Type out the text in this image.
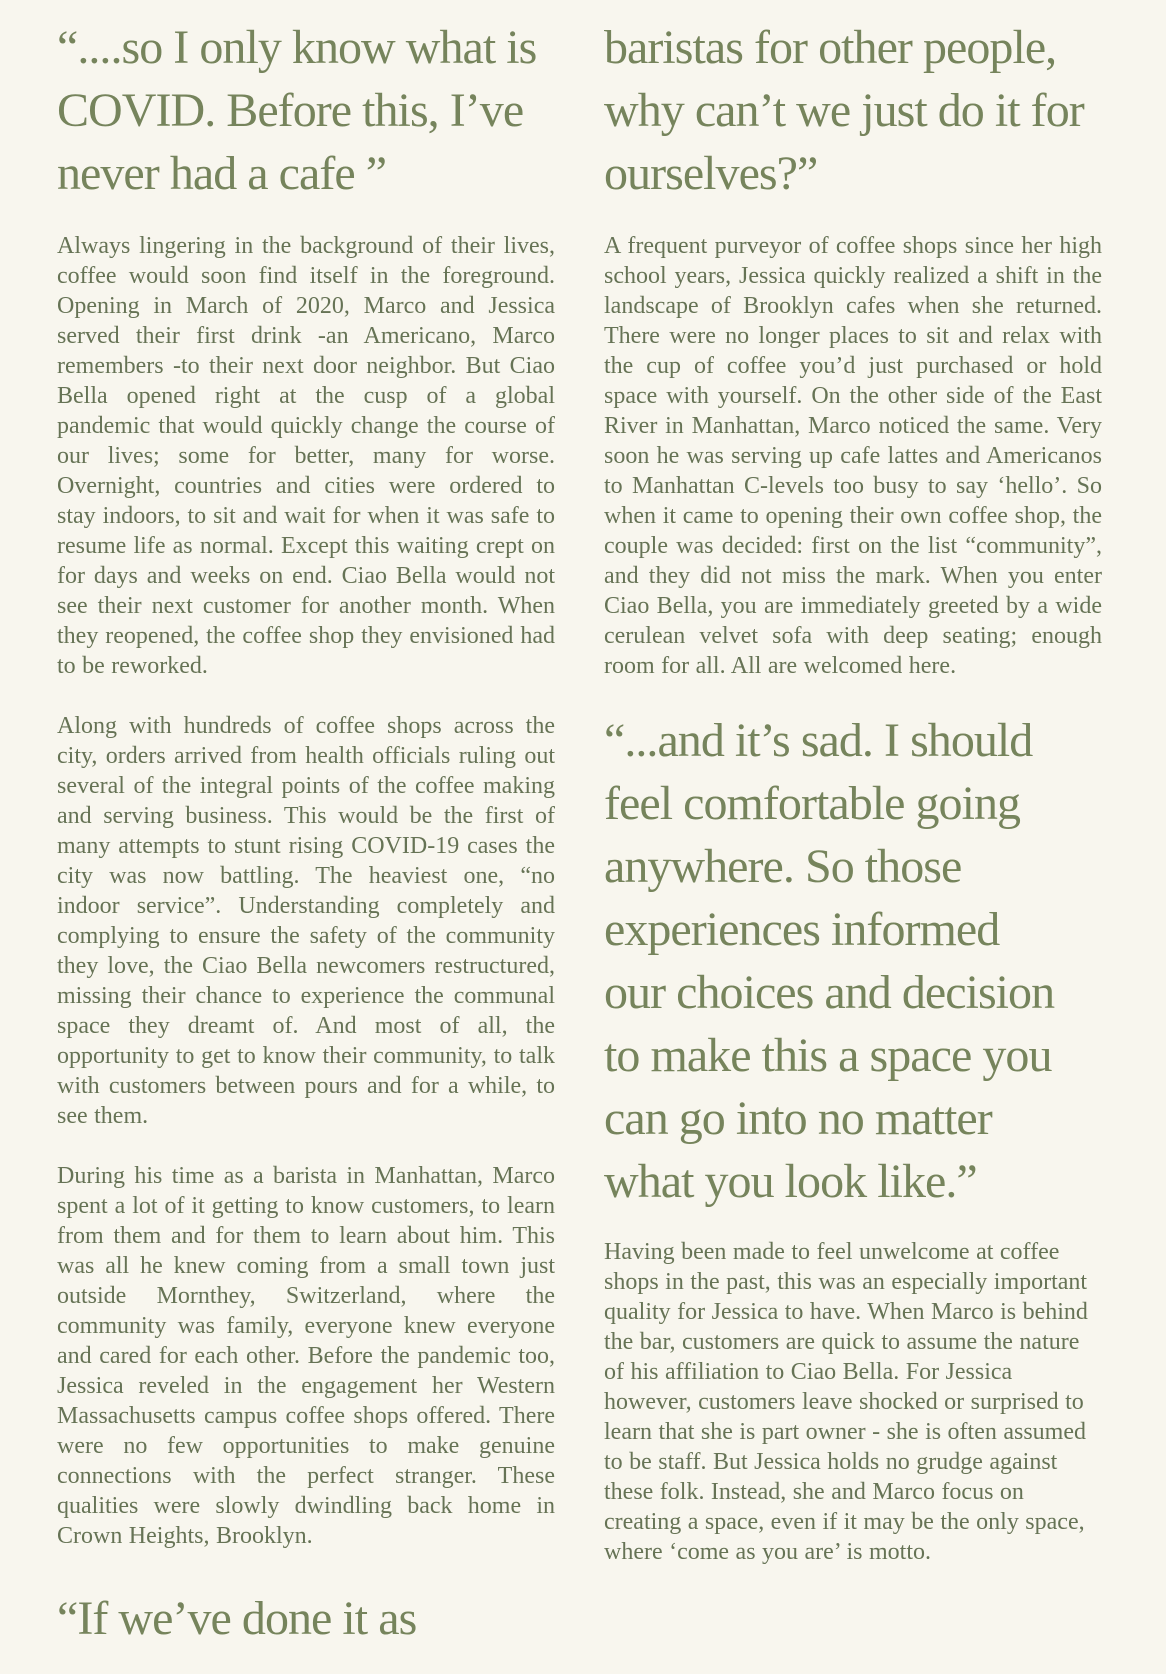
“....so I only know what is
COVID. Before this, I’ve
never had a cafe ”

Always lingering in the background of their lives, coffee would soon find itself in the foreground. Opening in March of 2020, Marco and Jessica served their first drink -an Americano, Marco remembers -to their next door neighbor. But Ciao Bella opened right at the cusp of a global pandemic that would quickly change the course of our lives; some for better, many for worse. Overnight, countries and cities were ordered to stay indoors, to sit and wait for when it was safe to resume life as normal. Except this waiting crept on for days and weeks on end. Ciao Bella would not see their next customer for another month. When they reopened, the coffee shop they envisioned had to be reworked.

Along with hundreds of coffee shops across the city, orders arrived from health officials ruling out several of the integral points of the coffee making and serving business. This would be the first of many attempts to stunt rising COVID-19 cases the city was now battling. The heaviest one, “no indoor service”. Understanding completely and complying to ensure the safety of the community they love, the Ciao Bella newcomers restructured, missing their chance to experience the communal space they dreamt of. And most of all, the opportunity to get to know their community, to talk with customers between pours and for a while, to see them.

During his time as a barista in Manhattan, Marco spent a lot of it getting to know customers, to learn from them and for them to learn about him. This was all he knew coming from a small town just outside Mornthey, Switzerland, where the community was family, everyone knew everyone and cared for each other. Before the pandemic too, Jessica reveled in the engagement her Western Massachusetts campus coffee shops offered. There were no few opportunities to make genuine connections with the perfect stranger. These qualities were slowly dwindling back home in Crown Heights, Brooklyn.

“If we’ve done it as
baristas for other people,
why can’t we just do it for
ourselves?”

A frequent purveyor of coffee shops since her high school years, Jessica quickly realized a shift in the landscape of Brooklyn cafes when she returned. There were no longer places to sit and relax with the cup of coffee you’d just purchased or hold space with yourself. On the other side of the East River in Manhattan, Marco noticed the same. Very soon he was serving up cafe lattes and Americanos to Manhattan C-levels too busy to say ‘hello’. So when it came to opening their own coffee shop, the couple was decided: first on the list “community”, and they did not miss the mark. When you enter Ciao Bella, you are immediately greeted by a wide cerulean velvet sofa with deep seating; enough room for all. All are welcomed here.

“...and it’s sad. I should
feel comfortable going
anywhere. So those
experiences informed
our choices and decision
to make this a space you
can go into no matter
what you look like.”

Having been made to feel unwelcome at coffee shops in the past, this was an especially important quality for Jessica to have. When Marco is behind the bar, customers are quick to assume the nature of his affiliation to Ciao Bella. For Jessica however, customers leave shocked or surprised to learn that she is part owner - she is often assumed to be staff. But Jessica holds no grudge against these folk. Instead, she and Marco focus on creating a space, even if it may be the only space, where ‘come as you are’ is motto.
